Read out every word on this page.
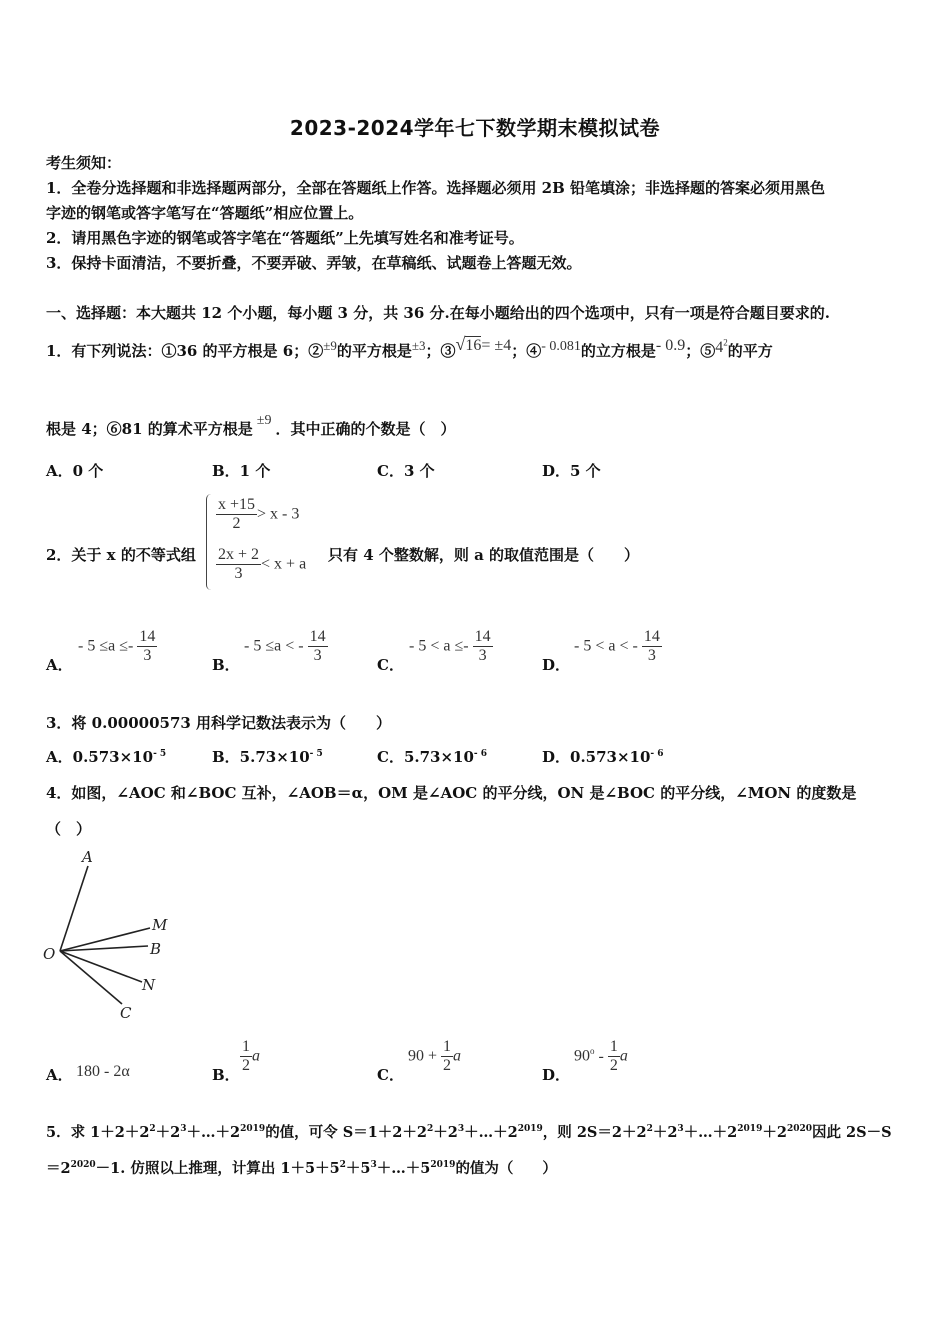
2023-2024学年七下数学期末模拟试卷
考生须知：
1．全卷分选择题和非选择题两部分，全部在答题纸上作答。选择题必须用 2B 铅笔填涂；非选择题的答案必须用黑色
字迹的钢笔或答字笔写在“答题纸”相应位置上。
2．请用黑色字迹的钢笔或答字笔在“答题纸”上先填写姓名和准考证号。
3．保持卡面清洁，不要折叠，不要弄破、弄皱，在草稿纸、试题卷上答题无效。
一、选择题：本大题共 12 个小题，每小题 3 分，共 36 分.在每小题给出的四个选项中，只有一项是符合题目要求的.
1．有下列说法：①36 的平方根是 6；②$^{\pm 9}$的平方根是$^{\pm 3}$；③√16= ±4；④- 0.081的立方根是- 0.9；$⑤4^2$的平方
根是 4；⑥81 的算术平方根是 $^{\pm 9}$ ．其中正确的个数是（　）
A．0 个	B．1 个	C．3 个	D．5 个
2．关于 x 的不等式组
$\frac{x +15}{2} > x - 3$
$\frac{2x + 2}{3} < x + a$
只有 4 个整数解，则 a 的取值范围是（　　）
A．
- $5 \le a \le- \frac{14}{3}$	B．
- 5 ≤a < - $\frac{14}{3}$	C．
- $5 < a \le- \frac{14}{3}$	D．
- 5 < a < - $\frac{14}{3}$
3．将 0.00000573 用科学记数法表示为（　　）
A．$0.573\times 10^{- 5}$	B．$5.73\times 10^{- 5}$	C．$5.73\times 10^{- 6}$	D．$0.573\times 10^{- 6}$
4．如图，∠AOC 和∠BOC 互补，∠AOB＝α，OM 是∠AOC 的平分线，ON 是∠BOC 的平分线，∠MON 的度数是
（　）
A
M
B
O
N
C
A． 180 - 2α	B． $\frac{1}{2}$ a
C．
$90 + \frac{1}{2}$ a
D．
$90^o - \frac{1}{2}$ a
5．求 $1+2+2^2+2^3+\dots+2^{2019}$的值，可令 $S=1+2+2^2+2^3+\dots+2^{2019}$，则 $2S=2+2^2+2^3+\dots+2^{2019}+2^{2020}$因此 2S－S
$=2^{2020}-1$. 仿照以上推理，计算出 $1+5+5^2+5^3+\dots+5^{2019}$的值为（　　）
